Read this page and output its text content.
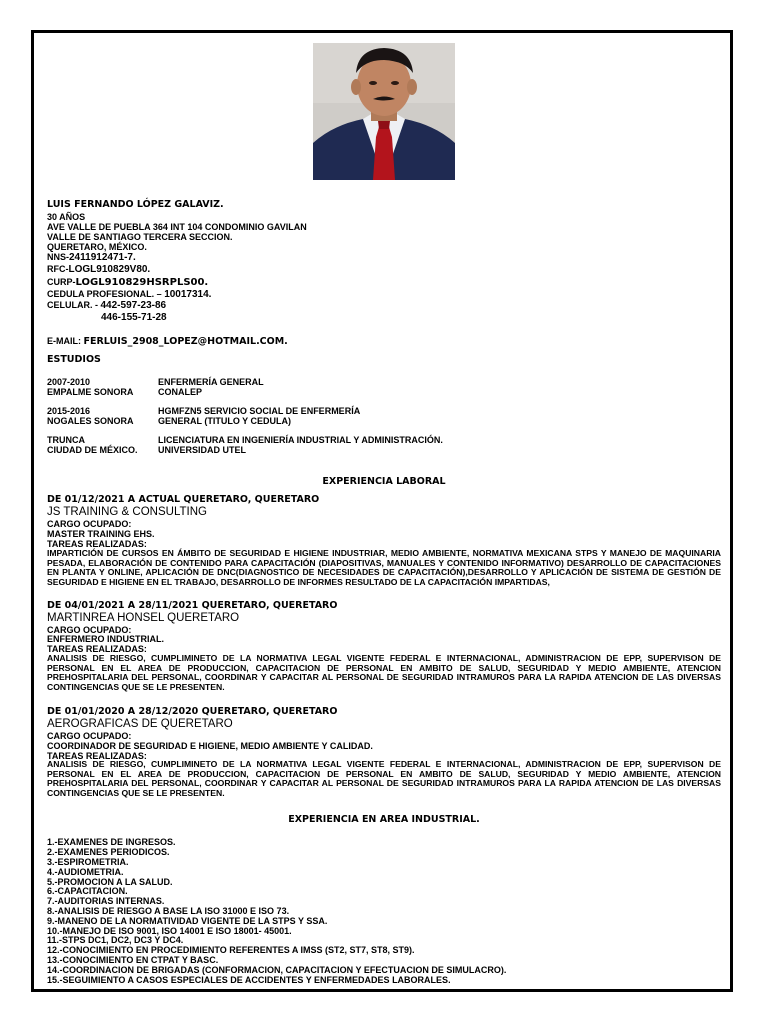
LUIS FERNANDO LÓPEZ GALAVIZ.
30 AÑOS
AVE VALLE DE PUEBLA 364 INT 104 CONDOMINIO GAVILAN
VALLE DE SANTIAGO TERCERA SECCION.
QUERETARO, MÉXICO.
NNS-2411912471-7.
RFC-LOGL910829V80.
CURP-LOGL910829HSRPLS00.
CEDULA PROFESIONAL. – 10017314.
CELULAR. - 442-597-23-86
446-155-71-28
E-MAIL: FERLUIS_2908_LOPEZ@HOTMAIL.COM.
ESTUDIOS
2007-2010
EMPALME SONORA
ENFERMERÍA GENERAL
CONALEP
2015-2016
NOGALES SONORA
HGMFZN5 SERVICIO SOCIAL DE ENFERMERÍA
GENERAL (TITULO Y CEDULA)
TRUNCA
CIUDAD DE MÉXICO.
LICENCIATURA EN INGENIERÍA INDUSTRIAL Y ADMINISTRACIÓN.
UNIVERSIDAD UTEL
EXPERIENCIA LABORAL
DE 01/12/2021 A ACTUAL QUERETARO, QUERETARO
JS TRAINING & CONSULTING
CARGO OCUPADO:
MASTER TRAINING EHS.
TAREAS REALIZADAS:
IMPARTICIÓN DE CURSOS EN ÁMBITO DE SEGURIDAD E HIGIENE INDUSTRIAR, MEDIO AMBIENTE, NORMATIVA MEXICANA STPS Y MANEJO DE MAQUINARIA PESADA, ELABORACIÓN DE CONTENIDO PARA CAPACITACIÓN (DIAPOSITIVAS, MANUALES Y CONTENIDO INFORMATIVO) DESARROLLO DE CAPACITACIONES EN PLANTA Y ONLINE, APLICACIÓN DE DNC(DIAGNOSTICO DE NECESIDADES DE CAPACITACIÓN),DESARROLLO Y APLICACIÓN DE SISTEMA DE GESTIÓN DE SEGURIDAD E HIGIENE EN EL TRABAJO, DESARROLLO DE INFORMES RESULTADO DE LA CAPACITACIÓN IMPARTIDAS,
DE 04/01/2021 A 28/11/2021 QUERETARO, QUERETARO
MARTINREA HONSEL QUERETARO
CARGO OCUPADO:
ENFERMERO INDUSTRIAL.
TAREAS REALIZADAS:
ANALISIS DE RIESGO, CUMPLIMINETO DE LA NORMATIVA LEGAL VIGENTE FEDERAL E INTERNACIONAL, ADMINISTRACION DE EPP, SUPERVISON DE PERSONAL EN EL AREA DE PRODUCCION, CAPACITACION DE PERSONAL EN AMBITO DE SALUD, SEGURIDAD Y MEDIO AMBIENTE, ATENCION PREHOSPITALARIA DEL PERSONAL, COORDINAR Y CAPACITAR AL PERSONAL DE SEGURIDAD INTRAMUROS PARA LA RAPIDA ATENCION DE LAS DIVERSAS CONTINGENCIAS QUE SE LE PRESENTEN.
DE 01/01/2020 A 28/12/2020 QUERETARO, QUERETARO
AEROGRAFICAS DE QUERETARO
CARGO OCUPADO:
COORDINADOR DE SEGURIDAD E HIGIENE, MEDIO AMBIENTE Y CALIDAD.
TAREAS REALIZADAS:
ANALISIS DE RIESGO, CUMPLIMINETO DE LA NORMATIVA LEGAL VIGENTE FEDERAL E INTERNACIONAL, ADMINISTRACION DE EPP, SUPERVISON DE PERSONAL EN EL AREA DE PRODUCCION, CAPACITACION DE PERSONAL EN AMBITO DE SALUD, SEGURIDAD Y MEDIO AMBIENTE, ATENCION PREHOSPITALARIA DEL PERSONAL, COORDINAR Y CAPACITAR AL PERSONAL DE SEGURIDAD INTRAMUROS PARA LA RAPIDA ATENCION DE LAS DIVERSAS CONTINGENCIAS QUE SE LE PRESENTEN.
EXPERIENCIA EN AREA INDUSTRIAL.
1.-EXAMENES DE INGRESOS.
2.-EXAMENES PERIODICOS.
3.-ESPIROMETRIA.
4.-AUDIOMETRIA.
5.-PROMOCION A LA SALUD.
6.-CAPACITACION.
7.-AUDITORIAS INTERNAS.
8.-ANALISIS DE RIESGO A BASE LA ISO 31000 E ISO 73.
9.-MANENO DE LA NORMATIVIDAD VIGENTE DE LA STPS Y SSA.
10.-MANEJO DE ISO 9001, ISO 14001 E ISO 18001- 45001.
11.-STPS DC1, DC2, DC3 Y DC4.
12.-CONOCIMIENTO EN PROCEDIMIENTO REFERENTES A IMSS (ST2, ST7, ST8, ST9).
13.-CONOCIMIENTO EN CTPAT Y BASC.
14.-COORDINACION DE BRIGADAS (CONFORMACION, CAPACITACION Y EFECTUACION DE SIMULACRO).
15.-SEGUIMIENTO A CASOS ESPECIALES DE ACCIDENTES Y ENFERMEDADES LABORALES.
